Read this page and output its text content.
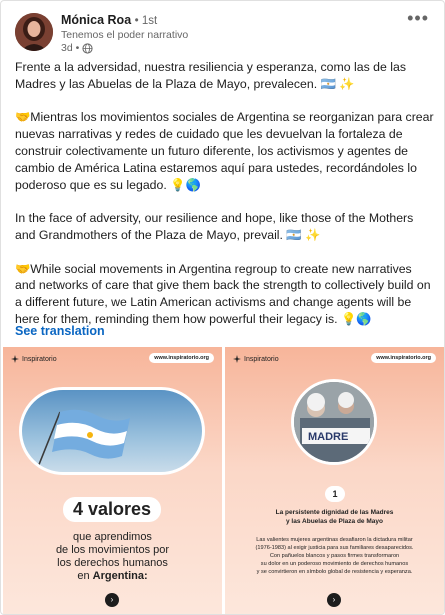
Mónica Roa • 1st
Tenemos el poder narrativo
3d •
•••

Frente a la adversidad, nuestra resiliencia y esperanza, como las de las Madres y las Abuelas de la Plaza de Mayo, prevalecen. 🇦🇷 ✨

🤝Mientras los movimientos sociales de Argentina se reorganizan para crear nuevas narrativas y redes de cuidado que les devuelvan la fortaleza de construir colectivamente un futuro diferente, los activismos y agentes de cambio de América Latina estaremos aquí para ustedes, recordándoles lo poderoso que es su legado. 💡🌎

In the face of adversity, our resilience and hope, like those of the Mothers and Grandmothers of the Plaza de Mayo, prevail. 🇦🇷 ✨

🤝While social movements in Argentina regroup to create new narratives and networks of care that give them back the strength to collectively build on a different future, we Latin American activisms and change agents will be here for them, reminding them how powerful their legacy is. 💡🌎

See translation
Inspiratorio	www.inspiratorio.org
4 valores
que aprendimos
de los movimientos por
los derechos humanos
en Argentina:
›
Inspiratorio	www.inspiratorio.org
MADRE
1
La persistente dignidad de las Madres
y las Abuelas de Plaza de Mayo
Las valientes mujeres argentinas desafiaron la dictadura militar
(1976-1983) al exigir justicia para sus familiares desaparecidos.
Con pañuelos blancos y pasos firmes transformaron
su dolor en un poderoso movimiento de derechos humanos
y se convirtieron en símbolo global de resistencia y esperanza.
›
